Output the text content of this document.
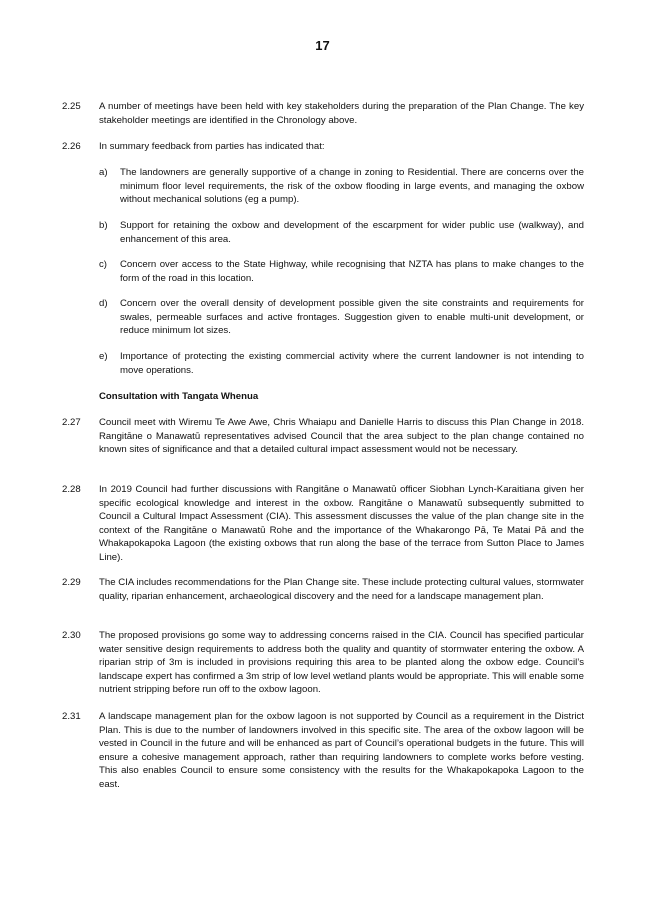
17
2.25	A number of meetings have been held with key stakeholders during the preparation of the Plan Change. The key stakeholder meetings are identified in the Chronology above.
2.26	In summary feedback from parties has indicated that:
a)	The landowners are generally supportive of a change in zoning to Residential. There are concerns over the minimum floor level requirements, the risk of the oxbow flooding in large events, and managing the oxbow without mechanical solutions (eg a pump).
b)	Support for retaining the oxbow and development of the escarpment for wider public use (walkway), and enhancement of this area.
c)	Concern over access to the State Highway, while recognising that NZTA has plans to make changes to the form of the road in this location.
d)	Concern over the overall density of development possible given the site constraints and requirements for swales, permeable surfaces and active frontages. Suggestion given to enable multi-unit development, or reduce minimum lot sizes.
e)	Importance of protecting the existing commercial activity where the current landowner is not intending to move operations.
Consultation with Tangata Whenua
2.27	Council meet with Wiremu Te Awe Awe, Chris Whaiapu and Danielle Harris to discuss this Plan Change in 2018. Rangitāne o Manawatū representatives advised Council that the area subject to the plan change contained no known sites of significance and that a detailed cultural impact assessment would not be necessary.
2.28	In 2019 Council had further discussions with Rangitāne o Manawatū officer Siobhan Lynch-Karaitiana given her specific ecological knowledge and interest in the oxbow. Rangitāne o Manawatū subsequently submitted to Council a Cultural Impact Assessment (CIA). This assessment discusses the value of the plan change site in the context of the Rangitāne o Manawatū Rohe and the importance of the Whakarongo Pā, Te Matai Pā and the Whakapokapoka Lagoon (the existing oxbows that run along the base of the terrace from Sutton Place to James Line).
2.29	The CIA includes recommendations for the Plan Change site. These include protecting cultural values, stormwater quality, riparian enhancement, archaeological discovery and the need for a landscape management plan.
2.30	The proposed provisions go some way to addressing concerns raised in the CIA. Council has specified particular water sensitive design requirements to address both the quality and quantity of stormwater entering the oxbow. A riparian strip of 3m is included in provisions requiring this area to be planted along the oxbow edge. Council’s landscape expert has confirmed a 3m strip of low level wetland plants would be appropriate. This will enable some nutrient stripping before run off to the oxbow lagoon.
2.31	A landscape management plan for the oxbow lagoon is not supported by Council as a requirement in the District Plan. This is due to the number of landowners involved in this specific site. The area of the oxbow lagoon will be vested in Council in the future and will be enhanced as part of Council’s operational budgets in the future. This will ensure a cohesive management approach, rather than requiring landowners to complete works before vesting. This also enables Council to ensure some consistency with the results for the Whakapokapoka Lagoon to the east.
